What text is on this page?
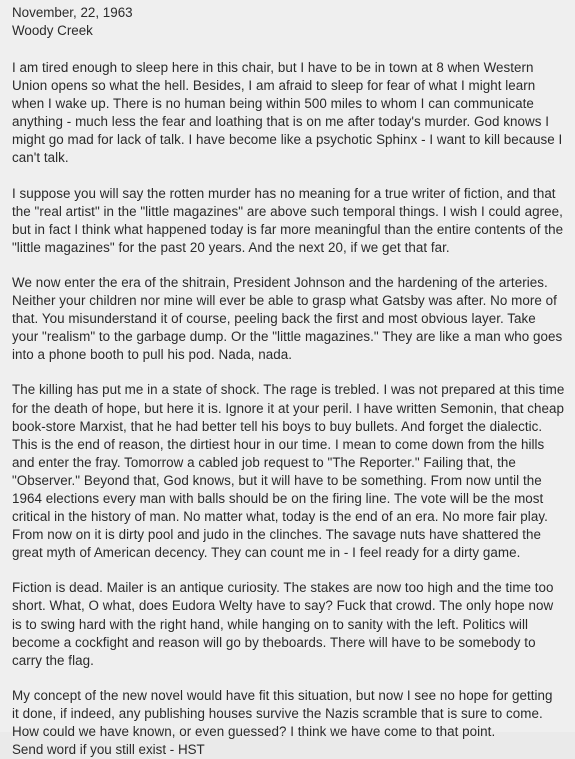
November, 22, 1963

Woody Creek

I am tired enough to sleep here in this chair, but I have to be in town at 8 when Western
Union opens so what the hell. Besides, I am afraid to sleep for fear of what I might learn
when I wake up. There is no human being within 500 miles to whom I can communicate
anything - much less the fear and loathing that is on me after today's murder. God knows I
might go mad for lack of talk. I have become like a psychotic Sphinx - I want to kill because I
can't talk.

I suppose you will say the rotten murder has no meaning for a true writer of fiction, and that
the "real artist" in the "little magazines" are above such temporal things. I wish I could agree,
but in fact I think what happened today is far more meaningful than the entire contents of the
"little magazines" for the past 20 years. And the next 20, if we get that far.

We now enter the era of the shitrain, President Johnson and the hardening of the arteries.
Neither your children nor mine will ever be able to grasp what Gatsby was after. No more of
that. You misunderstand it of course, peeling back the first and most obvious layer. Take
your "realism" to the garbage dump. Or the "little magazines." They are like a man who goes
into a phone booth to pull his pod. Nada, nada.

The killing has put me in a state of shock. The rage is trebled. I was not prepared at this time
for the death of hope, but here it is. Ignore it at your peril. I have written Semonin, that cheap
book-store Marxist, that he had better tell his boys to buy bullets. And forget the dialectic.
This is the end of reason, the dirtiest hour in our time. I mean to come down from the hills
and enter the fray. Tomorrow a cabled job request to "The Reporter." Failing that, the
"Observer." Beyond that, God knows, but it will have to be something. From now until the
1964 elections every man with balls should be on the firing line. The vote will be the most
critical in the history of man. No matter what, today is the end of an era. No more fair play.
From now on it is dirty pool and judo in the clinches. The savage nuts have shattered the
great myth of American decency. They can count me in - I feel ready for a dirty game.

Fiction is dead. Mailer is an antique curiosity. The stakes are now too high and the time too
short. What, O what, does Eudora Welty have to say? Fuck that crowd. The only hope now
is to swing hard with the right hand, while hanging on to sanity with the left. Politics will
become a cockfight and reason will go by theboards. There will have to be somebody to
carry the flag.

My concept of the new novel would have fit this situation, but now I see no hope for getting
it done, if indeed, any publishing houses survive the Nazis scramble that is sure to come.
How could we have known, or even guessed? I think we have come to that point.

Send word if you still exist - HST
